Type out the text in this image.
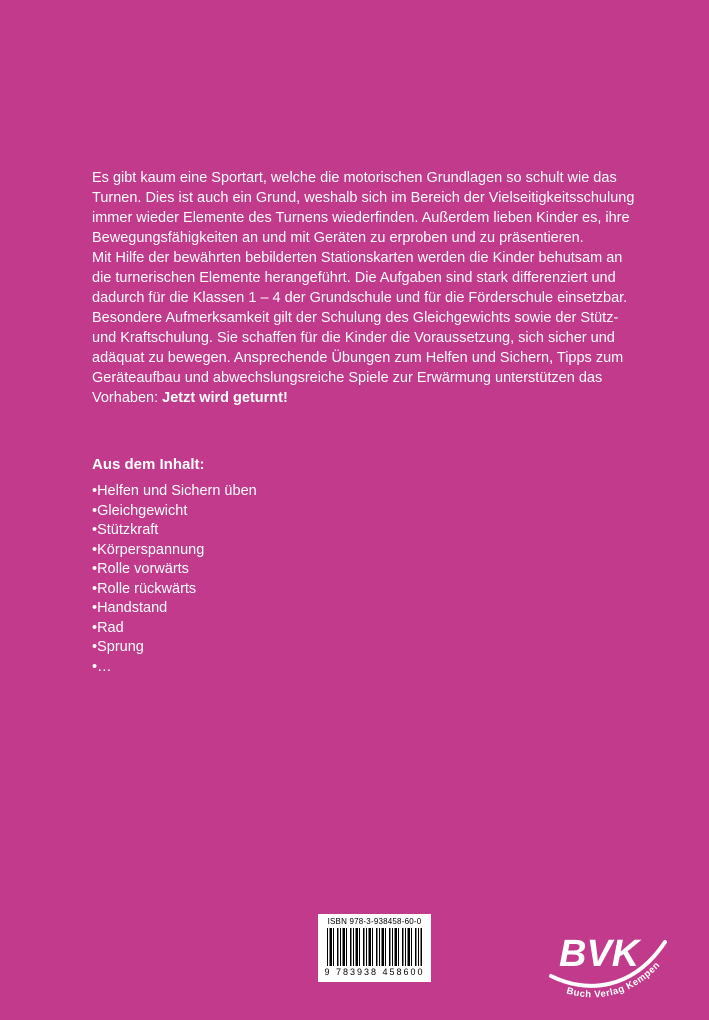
Es gibt kaum eine Sportart, welche die motorischen Grundlagen so schult wie das Turnen. Dies ist auch ein Grund, weshalb sich im Bereich der Vielseitigkeitsschulung immer wieder Elemente des Turnens wiederfinden. Außerdem lieben Kinder es, ihre Bewegungsfähigkeiten an und mit Geräten zu erproben und zu präsentieren.

Mit Hilfe der bewährten bebilderten Stationskarten werden die Kinder behutsam an die turnerischen Elemente herangeführt. Die Aufgaben sind stark differenziert und dadurch für die Klassen 1 – 4 der Grundschule und für die Förderschule einsetzbar. Besondere Aufmerksamkeit gilt der Schulung des Gleichgewichts sowie der Stütz- und Kraftschulung. Sie schaffen für die Kinder die Voraussetzung, sich sicher und adäquat zu bewegen. Ansprechende Übungen zum Helfen und Sichern, Tipps zum Geräteaufbau und abwechslungsreiche Spiele zur Erwärmung unterstützen das Vorhaben: Jetzt wird geturnt!

Aus dem Inhalt:
• Helfen und Sichern üben
• Gleichgewicht
• Stützkraft
• Körperspannung
• Rolle vorwärts
• Rolle rückwärts
• Handstand
• Rad
• Sprung
• …
ISBN 978-3-938458-60-0
9 783938 458600	BVK
Buch Verlag Kempen
